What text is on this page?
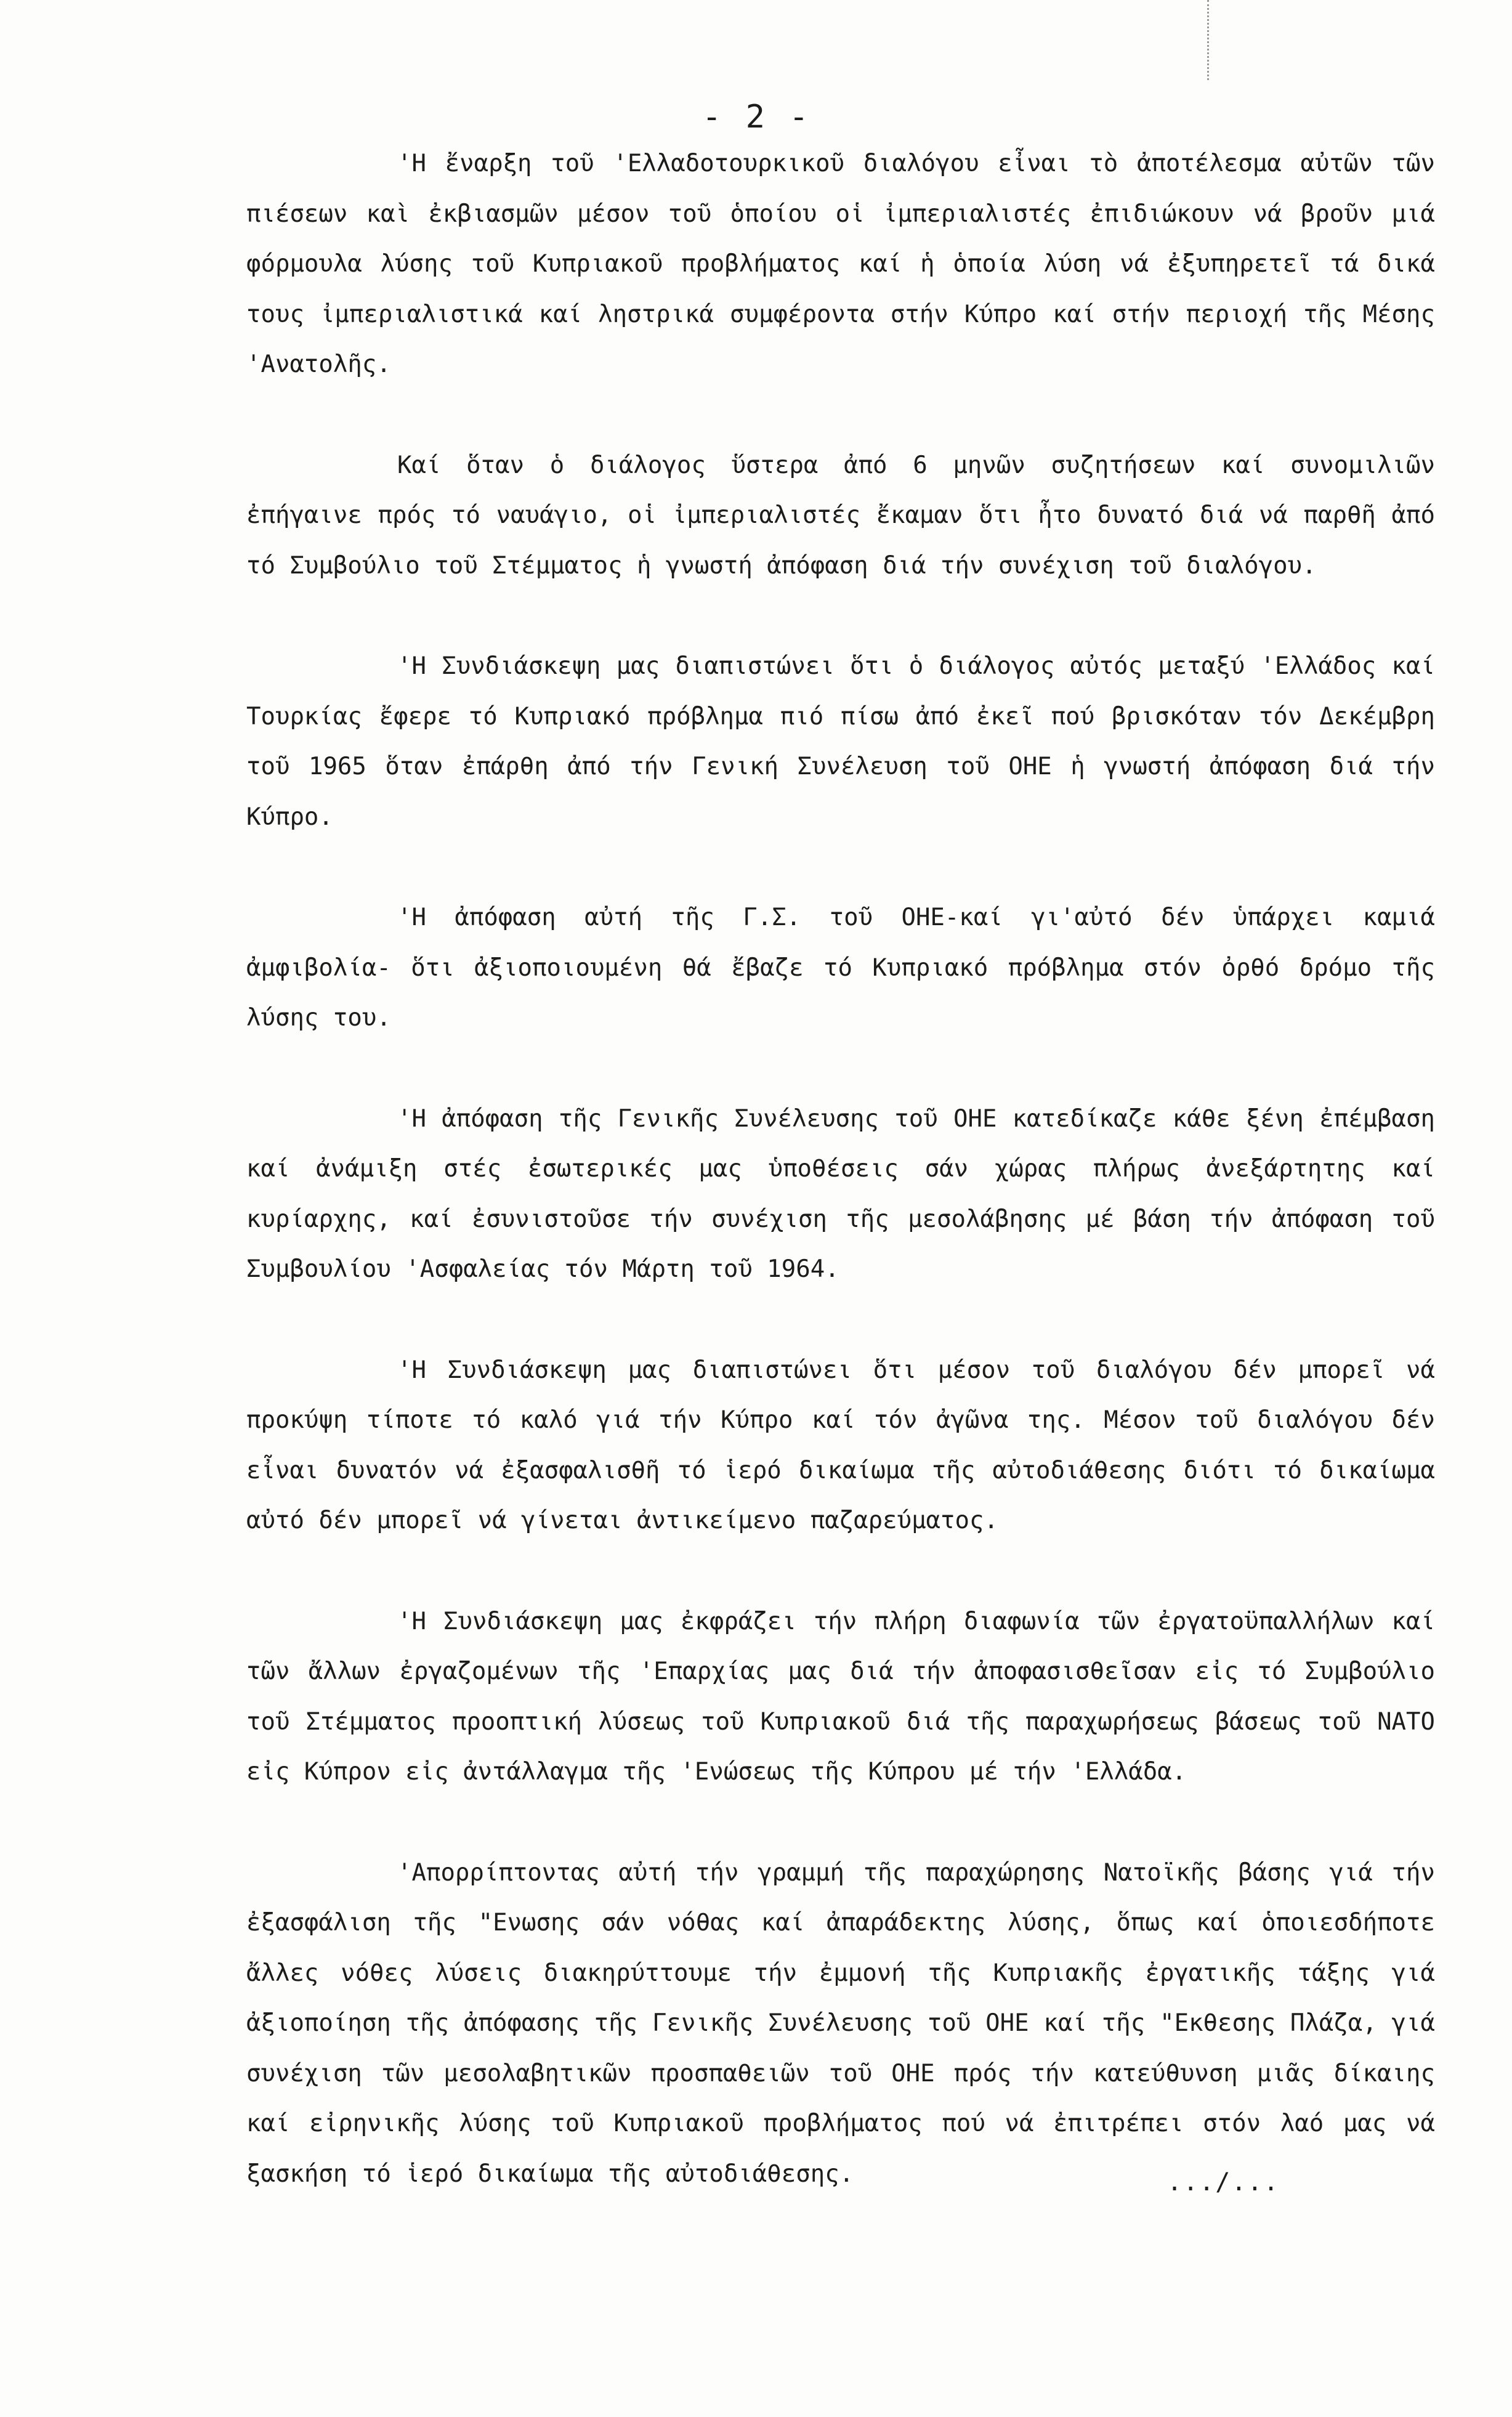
- 2 -

'Η ἔναρξη τοῦ 'Ελλαδοτουρκικοῦ διαλόγου εἶναι τὸ ἀποτέλεσμα αὐτῶν τῶν πιέσεων καὶ ἐκβιασμῶν μέσον τοῦ ὁποίου οἱ ἰμπεριαλιστές ἐπιδιώκουν νά βροῦν μιά φόρμουλα λύσης τοῦ Κυπριακοῦ προβλήματος καί ἡ ὁποία λύση νά ἐξυπηρετεῖ τά δικά τους ἰμπεριαλιστικά καί ληστρικά συμφέροντα στήν Κύπρο καί στήν περιοχή τῆς Μέσης 'Ανατολῆς.

Καί ὅταν ὁ διάλογος ὕστερα ἀπό 6 μηνῶν συζητήσεων καί συνομιλιῶν ἐπήγαινε πρός τό ναυάγιο, οἱ ἰμπεριαλιστές ἔκαμαν ὅτι ἦτο δυνατό διά νά παρθῆ ἀπό τό Συμβούλιο τοῦ Στέμματος ἡ γνωστή ἀπόφαση διά τήν συνέχιση τοῦ διαλόγου.

'Η Συνδιάσκεψη μας διαπιστώνει ὅτι ὁ διάλογος αὐτός μεταξύ 'Ελλάδος καί Τουρκίας ἔφερε τό Κυπριακό πρόβλημα πιό πίσω ἀπό ἐκεῖ πού βρισκόταν τόν Δεκέμβρη τοῦ 1965 ὅταν ἐπάρθη ἀπό τήν Γενική Συνέλευση τοῦ ΟΗΕ ἡ γνωστή ἀπόφαση διά τήν Κύπρο.

'Η ἀπόφαση αὐτή τῆς Γ.Σ. τοῦ ΟΗΕ-καί γι'αὐτό δέν ὑπάρχει καμιά ἀμφιβολία- ὅτι ἀξιοποιουμένη θά ἔβαζε τό Κυπριακό πρόβλημα στόν ὀρθό δρόμο τῆς λύσης του.

'Η ἀπόφαση τῆς Γενικῆς Συνέλευσης τοῦ ΟΗΕ κατεδίκαζε κάθε ξένη ἐπέμβαση καί ἀνάμιξη στές ἐσωτερικές μας ὑποθέσεις σάν χώρας πλήρως ἀνεξάρτητης καί κυρίαρχης, καί ἐσυνιστοῦσε τήν συνέχιση τῆς μεσολάβησης μέ βάση τήν ἀπόφαση τοῦ Συμβουλίου 'Ασφαλείας τόν Μάρτη τοῦ 1964.

'Η Συνδιάσκεψη μας διαπιστώνει ὅτι μέσον τοῦ διαλόγου δέν μπορεῖ νά προκύψη τίποτε τό καλό γιά τήν Κύπρο καί τόν ἀγῶνα της. Μέσον τοῦ διαλόγου δέν εἶναι δυνατόν νά ἐξασφαλισθῆ τό ἱερό δικαίωμα τῆς αὐτοδιάθεσης διότι τό δικαίωμα αὐτό δέν μπορεῖ νά γίνεται ἀντικείμενο παζαρεύματος.

'Η Συνδιάσκεψη μας ἐκφράζει τήν πλήρη διαφωνία τῶν ἐργατοϋπαλλήλων καί τῶν ἄλλων ἐργαζομένων τῆς 'Επαρχίας μας διά τήν ἀποφασισθεῖσαν εἰς τό Συμβούλιο τοῦ Στέμματος προοπτική λύσεως τοῦ Κυπριακοῦ διά τῆς παραχωρήσεως βάσεως τοῦ ΝΑΤΟ εἰς Κύπρον εἰς ἀντάλλαγμα τῆς 'Ενώσεως τῆς Κύπρου μέ τήν 'Ελλάδα.

'Απορρίπτοντας αὐτή τήν γραμμή τῆς παραχώρησης Νατοϊκῆς βάσης γιά τήν ἐξασφάλιση τῆς "Ενωσης σάν νόθας καί ἀπαράδεκτης λύσης, ὅπως καί ὁποιεσδήποτε ἄλλες νόθες λύσεις διακηρύττουμε τήν ἐμμονή τῆς Κυπριακῆς ἐργατικῆς τάξης γιά ἀξιοποίηση τῆς ἀπόφασης τῆς Γενικῆς Συνέλευσης τοῦ ΟΗΕ καί τῆς "Εκθεσης Πλάζα, γιά συνέχιση τῶν μεσολαβητικῶν προσπαθειῶν τοῦ ΟΗΕ πρός τήν κατεύθυνση μιᾶς δίκαιης καί εἰρηνικῆς λύσης τοῦ Κυπριακοῦ προβλήματος πού νά ἐπιτρέπει στόν λαό μας νά ξασκήση τό ἱερό δικαίωμα τῆς αὐτοδιάθεσης.	.../...
